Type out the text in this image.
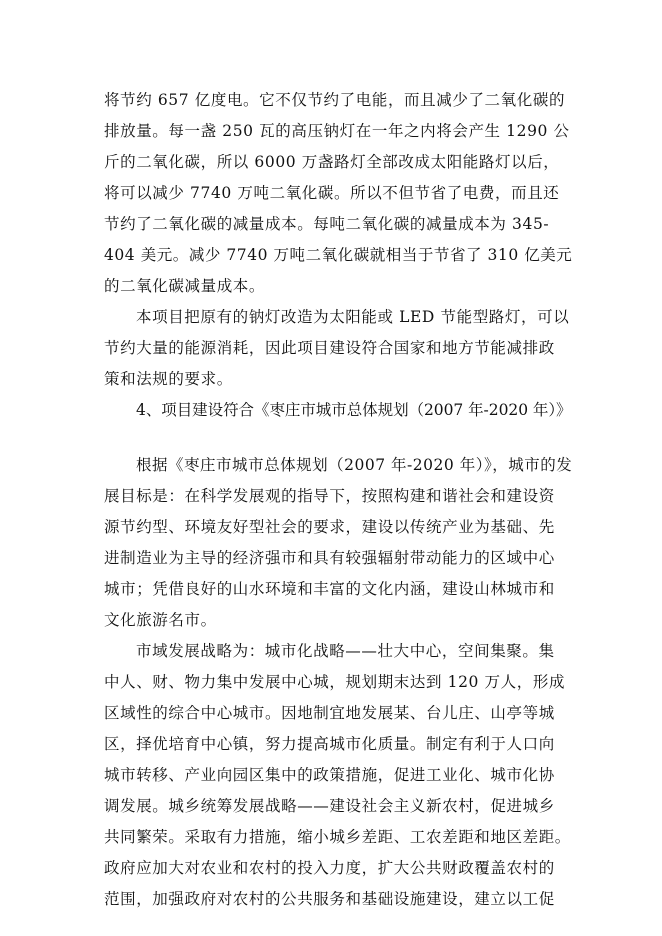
将节约 657 亿度电。它不仅节约了电能，而且减少了二氧化碳的
排放量。每一盏 250 瓦的高压钠灯在一年之内将会产生 1290 公
斤的二氧化碳，所以 6000 万盏路灯全部改成太阳能路灯以后，
将可以减少 7740 万吨二氧化碳。所以不但节省了电费，而且还
节约了二氧化碳的减量成本。每吨二氧化碳的减量成本为 345-
404 美元。减少 7740 万吨二氧化碳就相当于节省了 310 亿美元
的二氧化碳减量成本。
本项目把原有的钠灯改造为太阳能或 LED 节能型路灯，可以
节约大量的能源消耗，因此项目建设符合国家和地方节能减排政
策和法规的要求。
4、项目建设符合《枣庄市城市总体规划（2007 年-2020 年）》
根据《枣庄市城市总体规划（2007 年-2020 年）》，城市的发
展目标是：在科学发展观的指导下，按照构建和谐社会和建设资
源节约型、环境友好型社会的要求，建设以传统产业为基础、先
进制造业为主导的经济强市和具有较强辐射带动能力的区域中心
城市；凭借良好的山水环境和丰富的文化内涵，建设山林城市和
文化旅游名市。
市域发展战略为：城市化战略——壮大中心，空间集聚。集
中人、财、物力集中发展中心城，规划期末达到 120 万人，形成
区域性的综合中心城市。因地制宜地发展某、台儿庄、山亭等城
区，择优培育中心镇，努力提高城市化质量。制定有利于人口向
城市转移、产业向园区集中的政策措施，促进工业化、城市化协
调发展。城乡统筹发展战略——建设社会主义新农村，促进城乡
共同繁荣。采取有力措施，缩小城乡差距、工农差距和地区差距。
政府应加大对农业和农村的投入力度，扩大公共财政覆盖农村的
范围，加强政府对农村的公共服务和基础设施建设，建立以工促
